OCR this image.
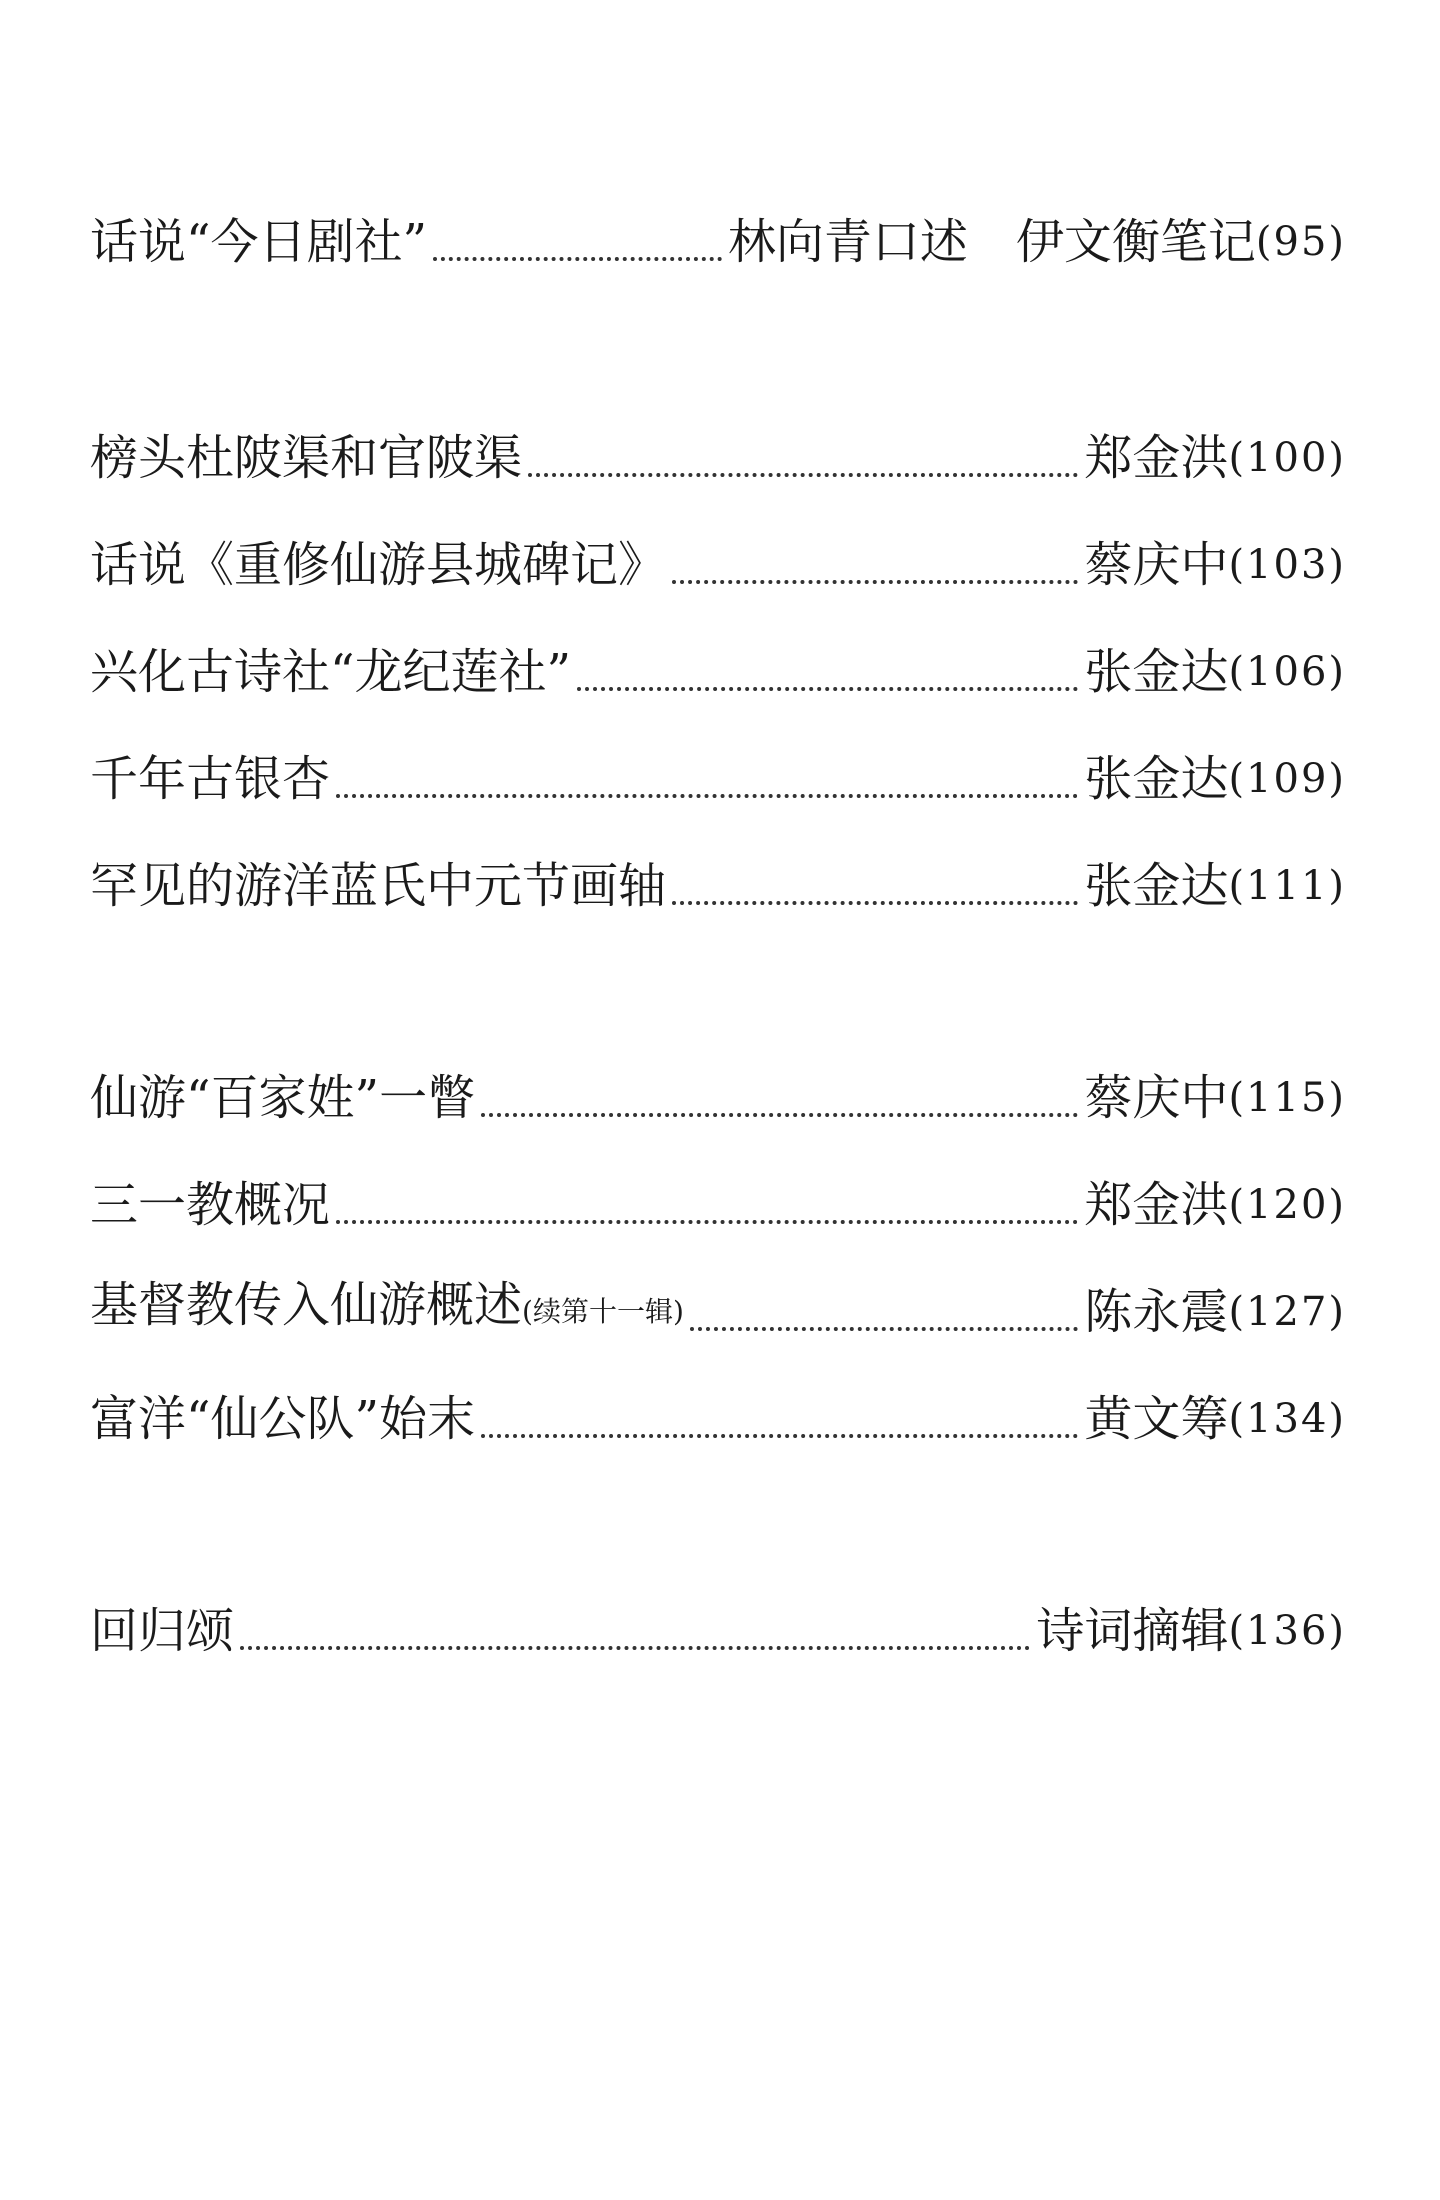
话说“今日剧社”	林向青口述　伊文衡笔记 (95)
榜头杜陂渠和官陂渠	郑金洪 (100)
话说《重修仙游县城碑记》	蔡庆中 (103)
兴化古诗社“龙纪莲社”	张金达 (106)
千年古银杏	张金达 (109)
罕见的游洋蓝氏中元节画轴	张金达 (111)
仙游“百家姓”一瞥	蔡庆中 (115)
三一教概况	郑金洪 (120)
基督教传入仙游概述(续第十一辑)	陈永震 (127)
富洋“仙公队”始末	黄文筹 (134)
回归颂	诗词摘辑 (136)
